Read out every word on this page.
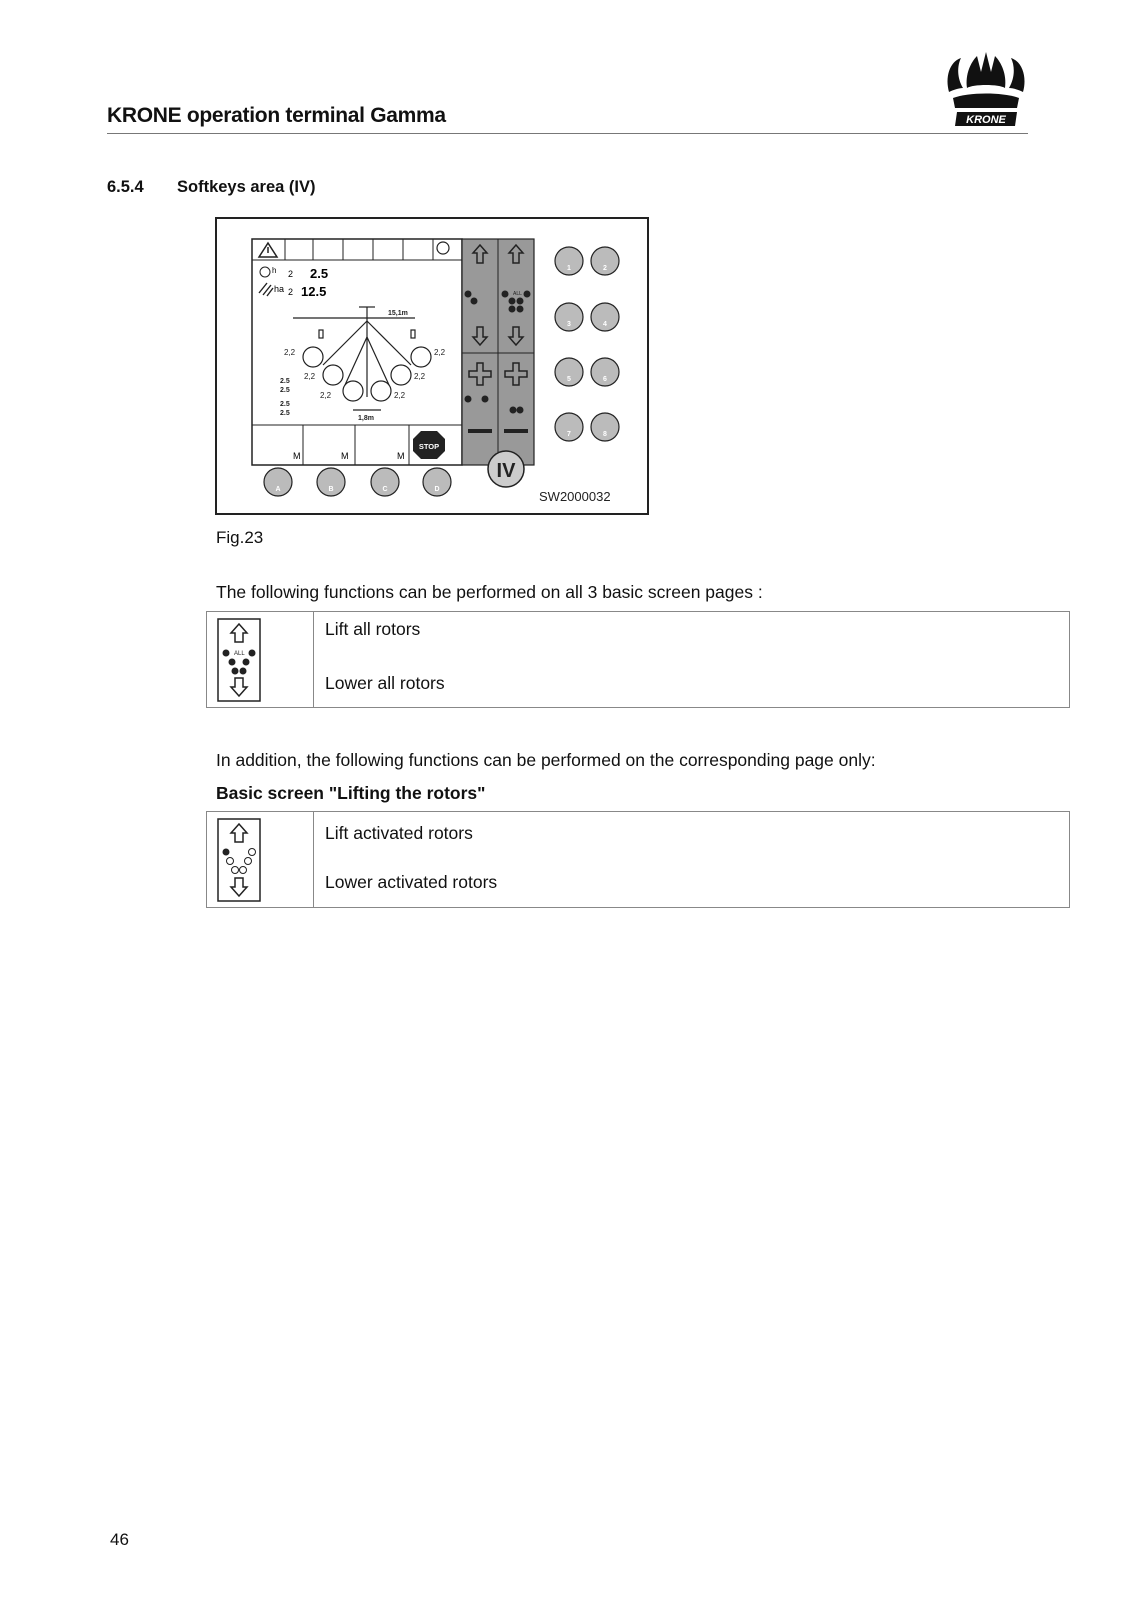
KRONE operation terminal Gamma	KRONE
6.5.4 Softkeys area (IV)
h 2 2.5
ha 2 12.5
15,1m
1,8m
2,2	2,2
2,2	2,2
2,2	2,2
2.5
2.5
2.5
2.5
M	M	M
STOP
ALL
1	2
3	4
5	6
7	8
A	B	C	D
IV
SW2000032
Fig.23
The following functions can be performed on all 3 basic screen pages :
ALL

Lift all rotors
Lower all rotors
In addition, the following functions can be performed on the corresponding page only:
Basic screen "Lifting the rotors"

Lift activated rotors
Lower activated rotors
46
